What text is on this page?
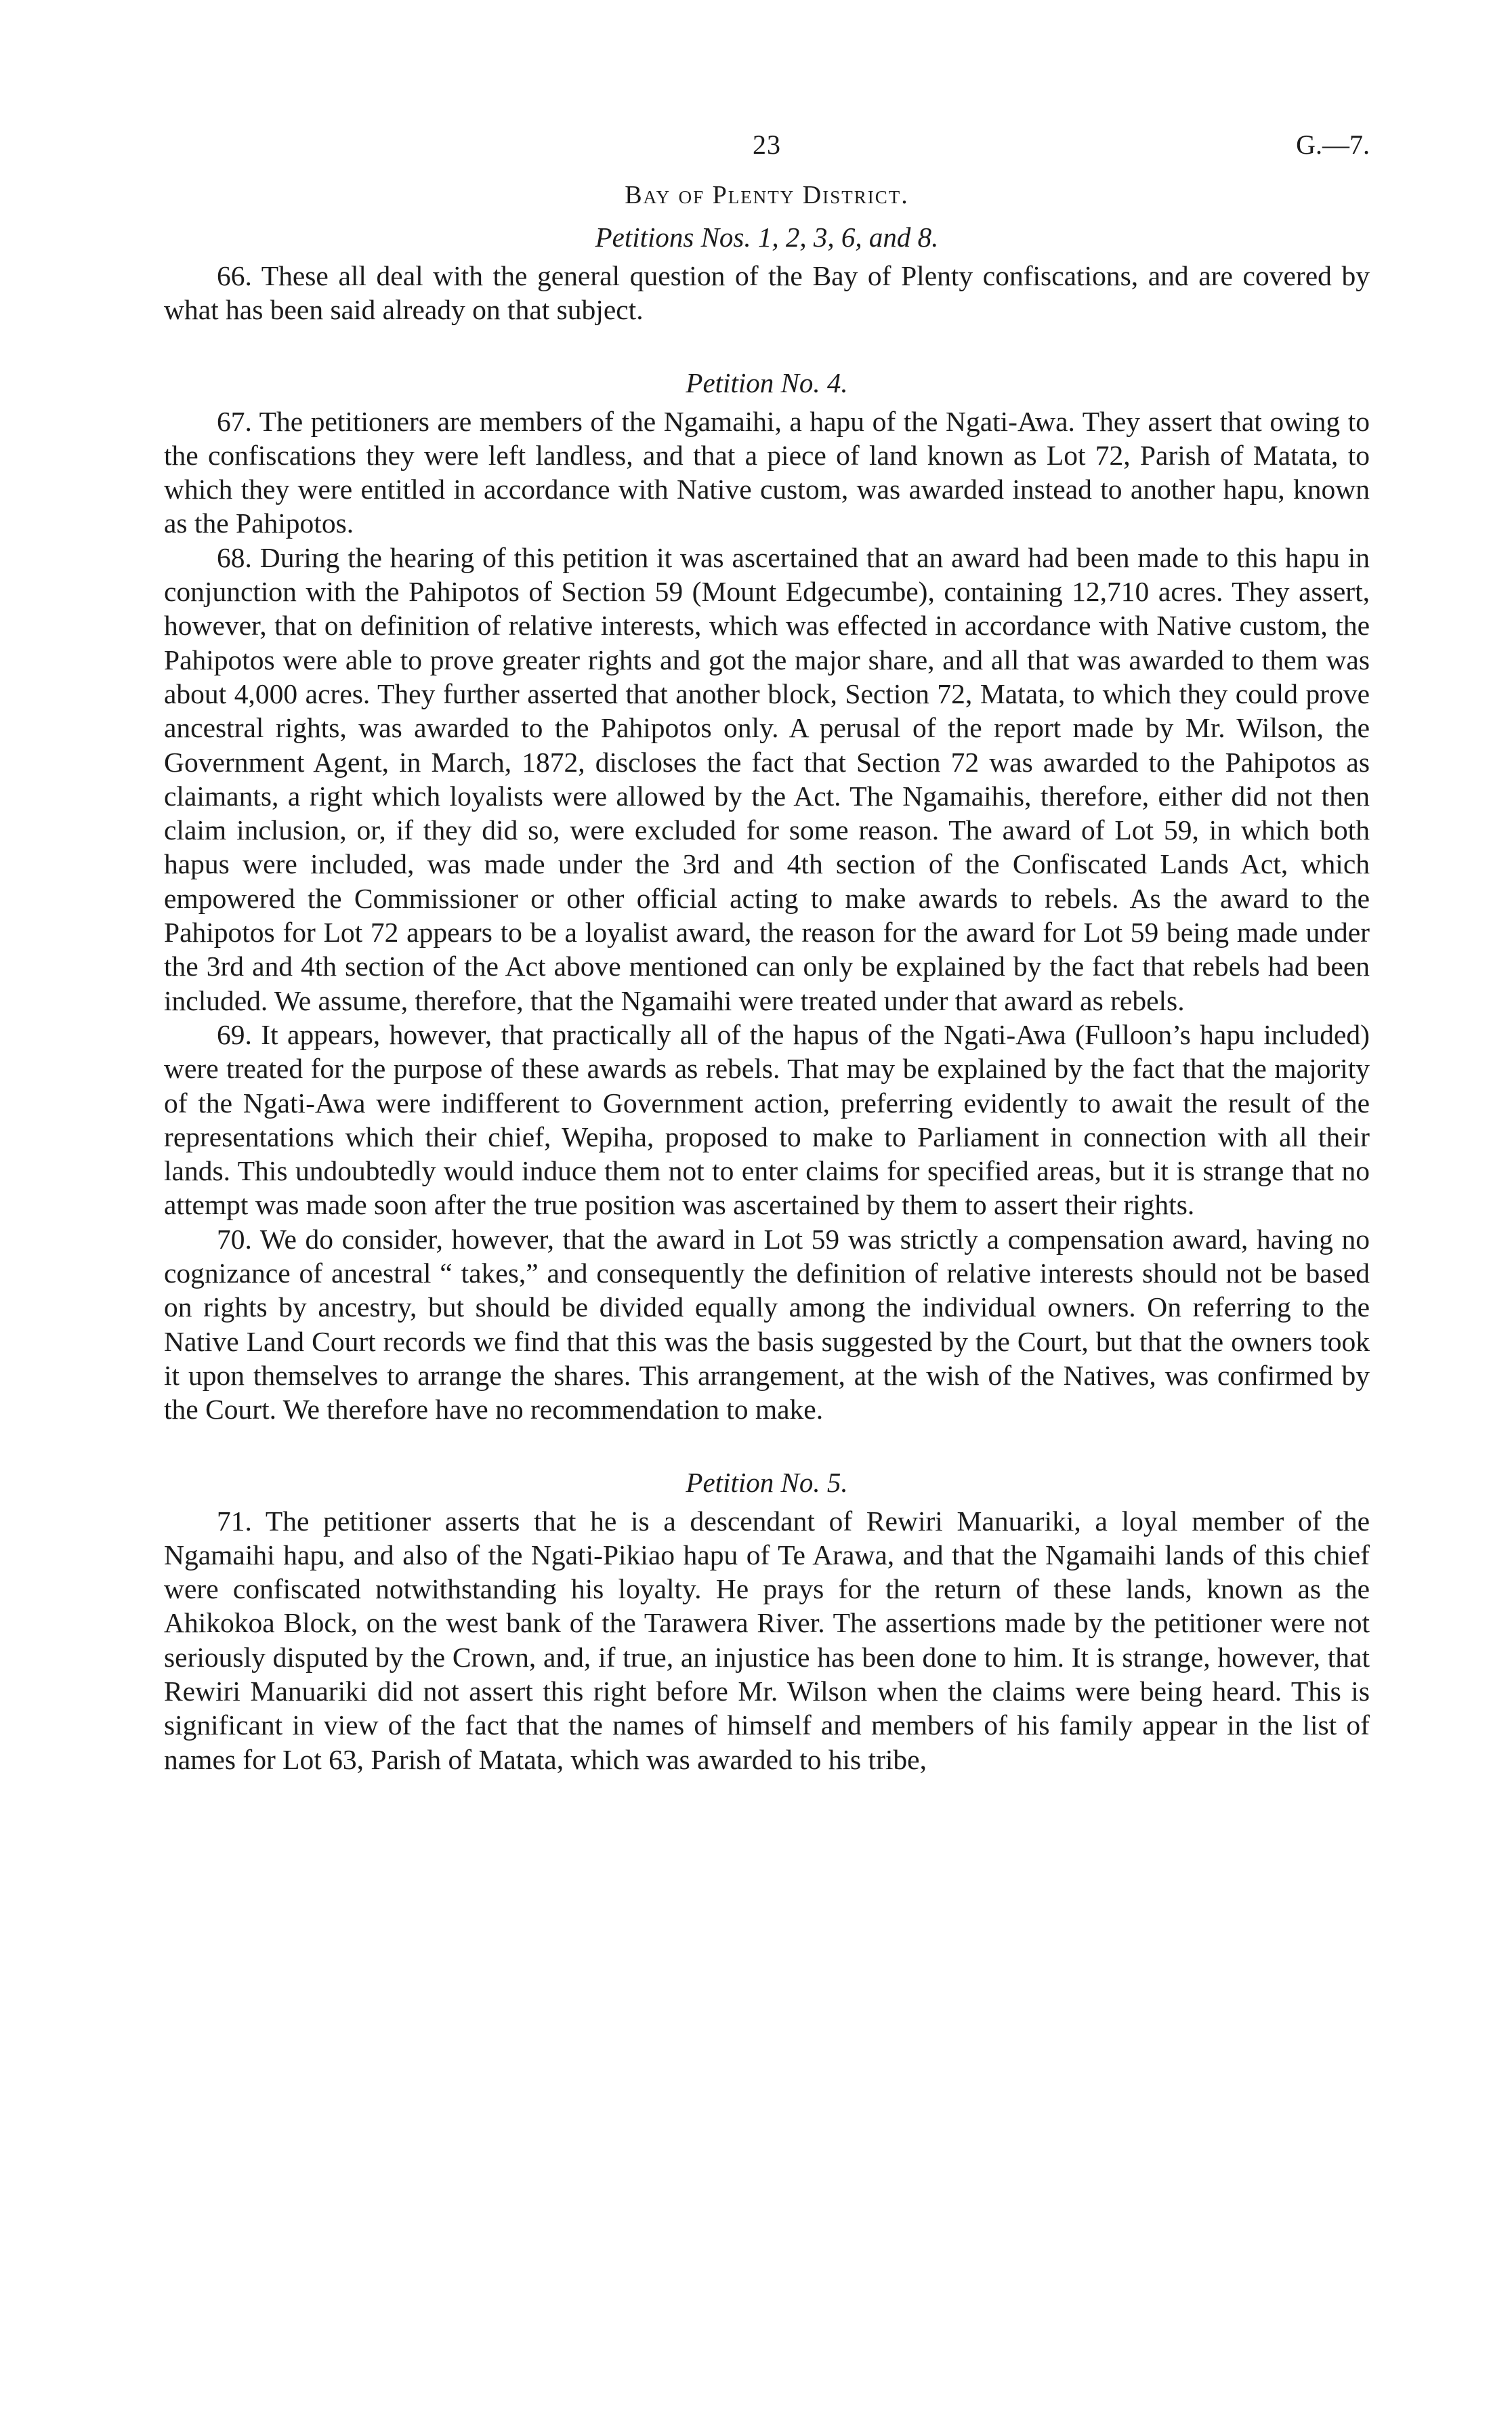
23	G.—7.
Bay of Plenty District.
Petitions Nos. 1, 2, 3, 6, and 8.

66. These all deal with the general question of the Bay of Plenty confiscations, and are covered by what has been said already on that subject.

Petition No. 4.

67. The petitioners are members of the Ngamaihi, a hapu of the Ngati-Awa. They assert that owing to the confiscations they were left landless, and that a piece of land known as Lot 72, Parish of Matata, to which they were entitled in accordance with Native custom, was awarded instead to another hapu, known as the Pahipotos.

68. During the hearing of this petition it was ascertained that an award had been made to this hapu in conjunction with the Pahipotos of Section 59 (Mount Edgecumbe), containing 12,710 acres. They assert, however, that on definition of relative interests, which was effected in accordance with Native custom, the Pahipotos were able to prove greater rights and got the major share, and all that was awarded to them was about 4,000 acres. They further asserted that another block, Section 72, Matata, to which they could prove ancestral rights, was awarded to the Pahipotos only. A perusal of the report made by Mr. Wilson, the Government Agent, in March, 1872, discloses the fact that Section 72 was awarded to the Pahipotos as claimants, a right which loyalists were allowed by the Act. The Ngamaihis, therefore, either did not then claim inclusion, or, if they did so, were excluded for some reason. The award of Lot 59, in which both hapus were included, was made under the 3rd and 4th section of the Confiscated Lands Act, which empowered the Commissioner or other official acting to make awards to rebels. As the award to the Pahipotos for Lot 72 appears to be a loyalist award, the reason for the award for Lot 59 being made under the 3rd and 4th section of the Act above mentioned can only be explained by the fact that rebels had been included. We assume, therefore, that the Ngamaihi were treated under that award as rebels.

69. It appears, however, that practically all of the hapus of the Ngati-Awa (Fulloon’s hapu included) were treated for the purpose of these awards as rebels. That may be explained by the fact that the majority of the Ngati-Awa were indifferent to Government action, preferring evidently to await the result of the representations which their chief, Wepiha, proposed to make to Parliament in connection with all their lands. This undoubtedly would induce them not to enter claims for specified areas, but it is strange that no attempt was made soon after the true position was ascertained by them to assert their rights.

70. We do consider, however, that the award in Lot 59 was strictly a compensation award, having no cognizance of ancestral “ takes,” and consequently the definition of relative interests should not be based on rights by ancestry, but should be divided equally among the individual owners. On referring to the Native Land Court records we find that this was the basis suggested by the Court, but that the owners took it upon themselves to arrange the shares. This arrangement, at the wish of the Natives, was confirmed by the Court. We therefore have no recommendation to make.

Petition No. 5.

71. The petitioner asserts that he is a descendant of Rewiri Manuariki, a loyal member of the Ngamaihi hapu, and also of the Ngati-Pikiao hapu of Te Arawa, and that the Ngamaihi lands of this chief were confiscated notwithstanding his loyalty. He prays for the return of these lands, known as the Ahikokoa Block, on the west bank of the Tarawera River. The assertions made by the petitioner were not seriously disputed by the Crown, and, if true, an injustice has been done to him. It is strange, however, that Rewiri Manuariki did not assert this right before Mr. Wilson when the claims were being heard. This is significant in view of the fact that the names of himself and members of his family appear in the list of names for Lot 63, Parish of Matata, which was awarded to his tribe,
